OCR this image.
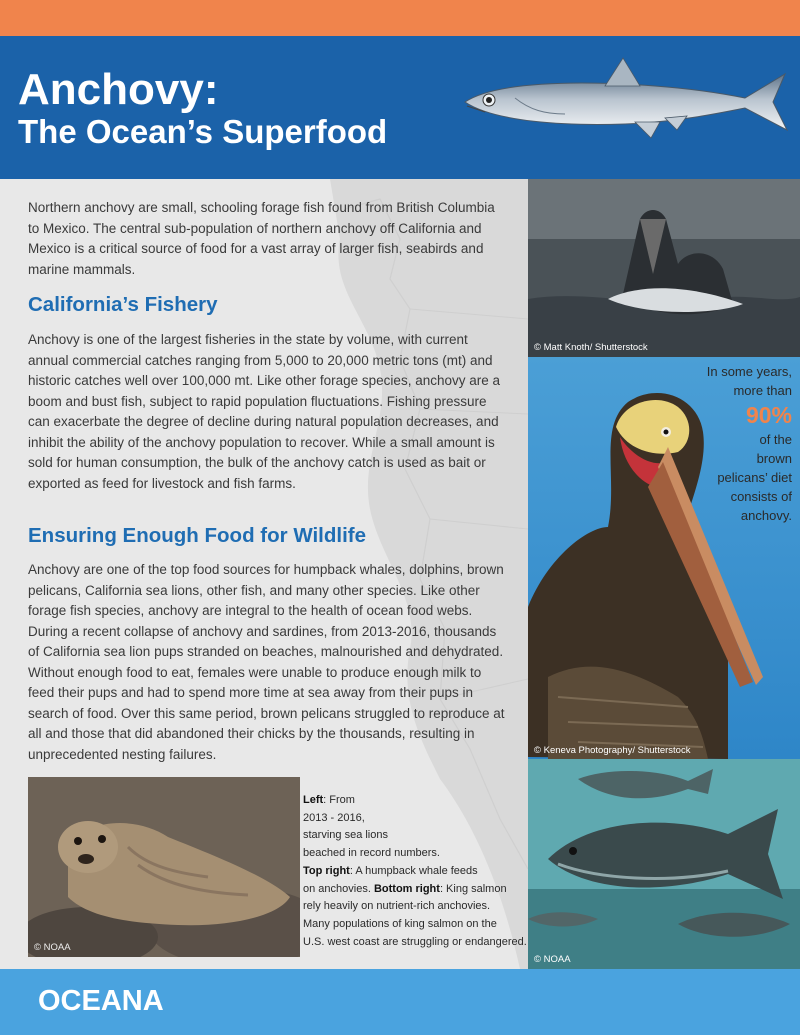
Anchovy:
The Ocean’s Superfood

Northern anchovy are small, schooling forage fish found from British Columbia to Mexico. The central sub-population of northern anchovy off California and Mexico is a critical source of food for a vast array of larger fish, seabirds and marine mammals.

California’s Fishery

Anchovy is one of the largest fisheries in the state by volume, with current annual commercial catches ranging from 5,000 to 20,000 metric tons (mt) and historic catches well over 100,000 mt. Like other forage species, anchovy are a boom and bust fish, subject to rapid population fluctuations. Fishing pressure can exacerbate the degree of decline during natural population decreases, and inhibit the ability of the anchovy population to recover. While a small amount is sold for human consumption, the bulk of the anchovy catch is used as bait or exported as feed for livestock and fish farms.

Ensuring Enough Food for Wildlife

Anchovy are one of the top food sources for humpback whales, dolphins, brown pelicans, California sea lions, other fish, and many other species. Like other forage fish species, anchovy are integral to the health of ocean food webs. During a recent collapse of anchovy and sardines, from 2013-2016, thousands of California sea lion pups stranded on beaches, malnourished and dehydrated. Without enough food to eat, females were unable to produce enough milk to feed their pups and had to spend more time at sea away from their pups in search of food. Over this same period, brown pelicans struggled to reproduce at all and those that did abandoned their chicks by the thousands, resulting in unprecedented nesting failures.

© NOAA
Left: From
2013 - 2016,
starving sea lions
beached in record numbers.
Top right: A humpback whale feeds
on anchovies. Bottom right: King salmon
rely heavily on nutrient-rich anchovies.
Many populations of king salmon on the
U.S. west coast are struggling or endangered.
© Matt Knoth/ Shutterstock
© Keneva Photography/ Shutterstock
In some years,
more than
90%
of the
brown
pelicans’ diet
consists of
anchovy.
© NOAA
OCEANA
